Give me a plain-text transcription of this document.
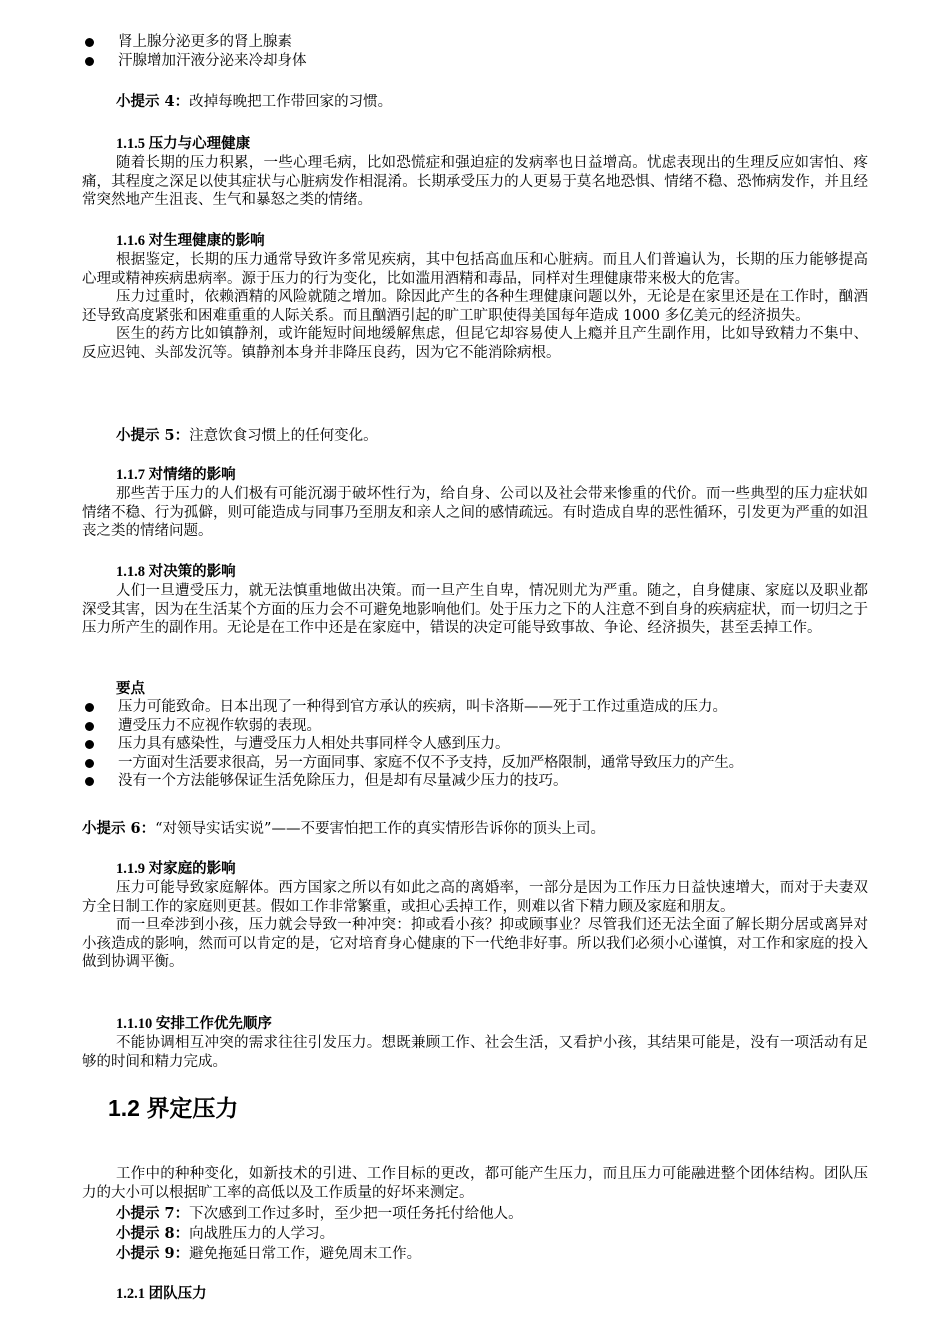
肾上腺分泌更多的肾上腺素
汗腺增加汗液分泌来冷却身体
小提示 4：改掉每晚把工作带回家的习惯。
1.1.5 压力与心理健康

随着长期的压力积累，一些心理毛病，比如恐慌症和强迫症的发病率也日益增高。忧虑表现出的生理反应如害怕、疼痛，其程度之深足以使其症状与心脏病发作相混淆。长期承受压力的人更易于莫名地恐惧、情绪不稳、恐怖病发作，并且经常突然地产生沮丧、生气和暴怒之类的情绪。

1.1.6 对生理健康的影响

根据鉴定，长期的压力通常导致许多常见疾病，其中包括高血压和心脏病。而且人们普遍认为，长期的压力能够提高心理或精神疾病患病率。源于压力的行为变化，比如滥用酒精和毒品，同样对生理健康带来极大的危害。

压力过重时，依赖酒精的风险就随之增加。除因此产生的各种生理健康问题以外，无论是在家里还是在工作时，酗酒还导致高度紧张和困难重重的人际关系。而且酗酒引起的旷工旷职使得美国每年造成 1000 多亿美元的经济损失。

医生的药方比如镇静剂，或许能短时间地缓解焦虑，但昆它却容易使人上瘾并且产生副作用，比如导致精力不集中、反应迟钝、头部发沉等。镇静剂本身并非降压良药，因为它不能消除病根。

小提示 5：注意饮食习惯上的任何变化。
1.1.7 对情绪的影响

那些苦于压力的人们极有可能沉溺于破坏性行为，给自身、公司以及社会带来惨重的代价。而一些典型的压力症状如情绪不稳、行为孤僻，则可能造成与同事乃至朋友和亲人之间的感情疏远。有时造成自卑的恶性循环，引发更为严重的如沮丧之类的情绪问题。

1.1.8 对决策的影响

人们一旦遭受压力，就无法慎重地做出决策。而一旦产生自卑，情况则尤为严重。随之，自身健康、家庭以及职业都深受其害，因为在生活某个方面的压力会不可避免地影响他们。处于压力之下的人注意不到自身的疾病症状，而一切归之于压力所产生的副作用。无论是在工作中还是在家庭中，错误的决定可能导致事故、争论、经济损失，甚至丢掉工作。

要点
压力可能致命。日本出现了一种得到官方承认的疾病，叫卡洛斯——死于工作过重造成的压力。
遭受压力不应视作软弱的表现。
压力具有感染性，与遭受压力人相处共事同样令人感到压力。
一方面对生活要求很高，另一方面同事、家庭不仅不予支持，反加严格限制，通常导致压力的产生。
没有一个方法能够保证生活免除压力，但是却有尽量减少压力的技巧。
小提示 6：“对领导实话实说”——不要害怕把工作的真实情形告诉你的顶头上司。
1.1.9 对家庭的影响

压力可能导致家庭解体。西方国家之所以有如此之高的离婚率，一部分是因为工作压力日益快速增大，而对于夫妻双方全日制工作的家庭则更甚。假如工作非常繁重，或担心丢掉工作，则难以省下精力顾及家庭和朋友。

而一旦牵涉到小孩，压力就会导致一种冲突：抑或看小孩？抑或顾事业？尽管我们还无法全面了解长期分居或离异对小孩造成的影响，然而可以肯定的是，它对培育身心健康的下一代绝非好事。所以我们必须小心谨慎，对工作和家庭的投入做到协调平衡。

1.1.10 安排工作优先顺序

不能协调相互冲突的需求往往引发压力。想既兼顾工作、社会生活，又看护小孩，其结果可能是，没有一项活动有足够的时间和精力完成。

1.2 界定压力

工作中的种种变化，如新技术的引进、工作目标的更改，都可能产生压力，而且压力可能融进整个团体结构。团队压力的大小可以根据旷工率的高低以及工作质量的好坏来测定。

小提示 7：下次感到工作过多时，至少把一项任务托付给他人。
小提示 8：向战胜压力的人学习。
小提示 9：避免拖延日常工作，避免周末工作。
1.2.1 团队压力
